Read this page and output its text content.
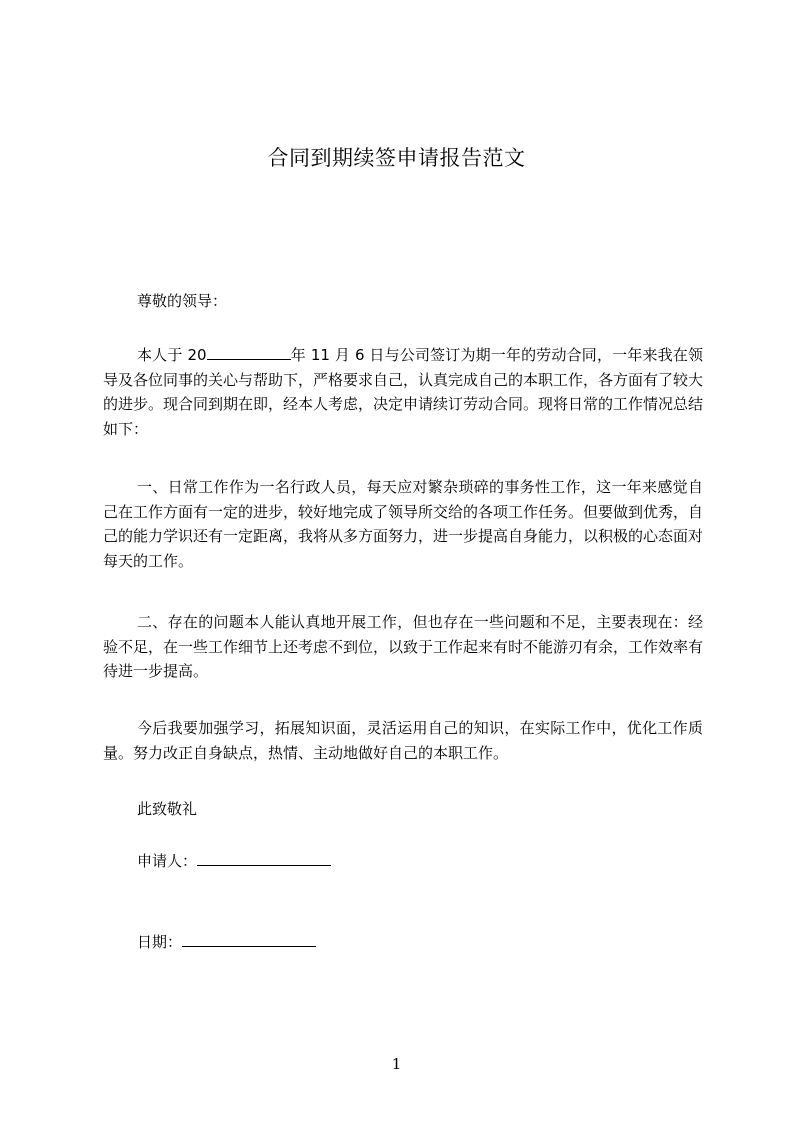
合同到期续签申请报告范文
尊敬的领导：

本人于 20	年 11 月 6 日与公司签订为期一年的劳动合同，一年来我在领导及各位同事的关心与帮助下，严格要求自己，认真完成自己的本职工作，各方面有了较大的进步。现合同到期在即，经本人考虑，决定申请续订劳动合同。现将日常的工作情况总结如下：

一、日常工作作为一名行政人员，每天应对繁杂琐碎的事务性工作，这一年来感觉自己在工作方面有一定的进步，较好地完成了领导所交给的各项工作任务。但要做到优秀，自己的能力学识还有一定距离，我将从多方面努力，进一步提高自身能力，以积极的心态面对每天的工作。

二、存在的问题本人能认真地开展工作，但也存在一些问题和不足，主要表现在：经验不足，在一些工作细节上还考虑不到位，以致于工作起来有时不能游刃有余，工作效率有待进一步提高。

今后我要加强学习，拓展知识面，灵活运用自己的知识，在实际工作中，优化工作质量。努力改正自身缺点，热情、主动地做好自己的本职工作。

此致敬礼
申请人：
日期：
1
